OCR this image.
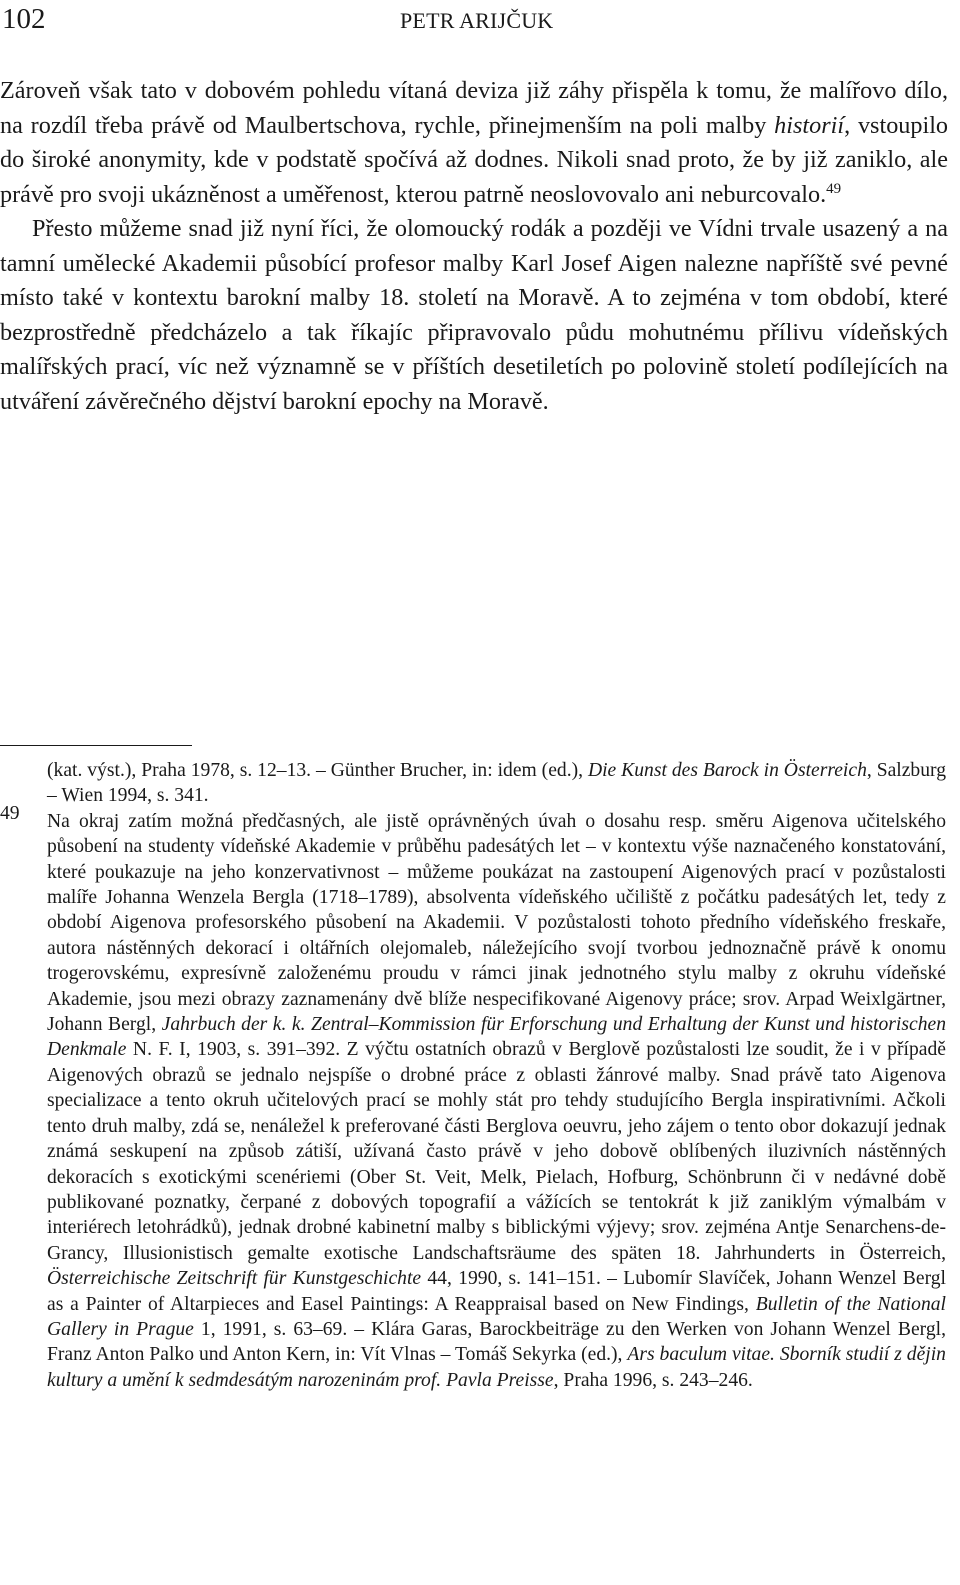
102	PETR ARIJČUK

Zároveň však tato v dobovém pohledu vítaná deviza již záhy přispěla k tomu, že malířovo dílo, na rozdíl třeba právě od Maulbertschova, rychle, přinejmenším na poli malby historií, vstoupilo do široké anonymity, kde v podstatě spočívá až dodnes. Nikoli snad proto, že by již zaniklo, ale právě pro svoji ukázněnost a uměřenost, kterou patrně neoslovovalo ani neburcovalo.$^{49}$

Přesto můžeme snad již nyní říci, že olomoucký rodák a později ve Vídni trvale usazený a na tamní umělecké Akademii působící profesor malby Karl Josef Aigen nalezne napříště své pevné místo také v kontextu barokní malby 18. století na Moravě. A to zejména v tom období, které bezprostředně předcházelo a tak říkajíc připravovalo půdu mohutnému přílivu vídeňských malířských prací, víc než významně se v příštích desetiletích po polovině století podílejících na utváření závěrečného dějství barokní epochy na Moravě.

(kat. výst.), Praha 1978, s. 12–13. – Günther Brucher, in: idem (ed.), Die Kunst des Barock in Österreich, Salzburg – Wien 1994, s. 341.
49 Na okraj zatím možná předčasných, ale jistě oprávněných úvah o dosahu resp. směru Aigenova učitelského působení na studenty vídeňské Akademie v průběhu padesátých let – v kontextu výše naznačeného konstatování, které poukazuje na jeho konzervativnost – můžeme poukázat na zastoupení Aigenových prací v pozůstalosti malíře Johanna Wenzela Bergla (1718–1789), absolventa vídeňského učiliště z počátku padesátých let, tedy z období Aigenova profesorského působení na Akademii. V pozůstalosti tohoto předního vídeňského freskaře, autora nástěnných dekorací i oltářních olejomaleb, náležejícího svojí tvorbou jednoznačně právě k onomu trogerovskému, expresívně založenému proudu v rámci jinak jednotného stylu malby z okruhu vídeňské Akademie, jsou mezi obrazy zaznamenány dvě blíže nespecifikované Aigenovy práce; srov. Arpad Weixlgärtner, Johann Bergl, Jahrbuch der k. k. Zentral–Kommission für Erforschung und Erhaltung der Kunst und historischen Denkmale N. F. I, 1903, s. 391–392. Z výčtu ostatních obrazů v Berglově pozůstalosti lze soudit, že i v případě Aigenových obrazů se jednalo nejspíše o drobné práce z oblasti žánrové malby. Snad právě tato Aigenova specializace a tento okruh učitelových prací se mohly stát pro tehdy studujícího Bergla inspirativními. Ačkoli tento druh malby, zdá se, nenáležel k preferované části Berglova oeuvru, jeho zájem o tento obor dokazují jednak známá seskupení na způsob zátiší, užívaná často právě v jeho dobově oblíbených iluzivních nástěnných dekoracích s exotickými scenériemi (Ober St. Veit, Melk, Pielach, Hofburg, Schönbrunn či v nedávné době publikované poznatky, čerpané z dobových topografií a vážících se tentokrát k již zaniklým výmalbám v interiérech letohrádků), jednak drobné kabinetní malby s biblickými výjevy; srov. zejména Antje Senarchens-de-Grancy, Illusionistisch gemalte exotische Landschaftsräume des späten 18. Jahrhunderts in Österreich, Österreichische Zeitschrift für Kunstgeschichte 44, 1990, s. 141–151. – Lubomír Slavíček, Johann Wenzel Bergl as a Painter of Altarpieces and Easel Paintings: A Reappraisal based on New Findings, Bulletin of the National Gallery in Prague 1, 1991, s. 63–69. – Klára Garas, Barockbeiträge zu den Werken von Johann Wenzel Bergl, Franz Anton Palko und Anton Kern, in: Vít Vlnas – Tomáš Sekyrka (ed.), Ars baculum vitae. Sborník studií z dějin kultury a umění k sedmdesátým narozeninám prof. Pavla Preisse, Praha 1996, s. 243–246.
